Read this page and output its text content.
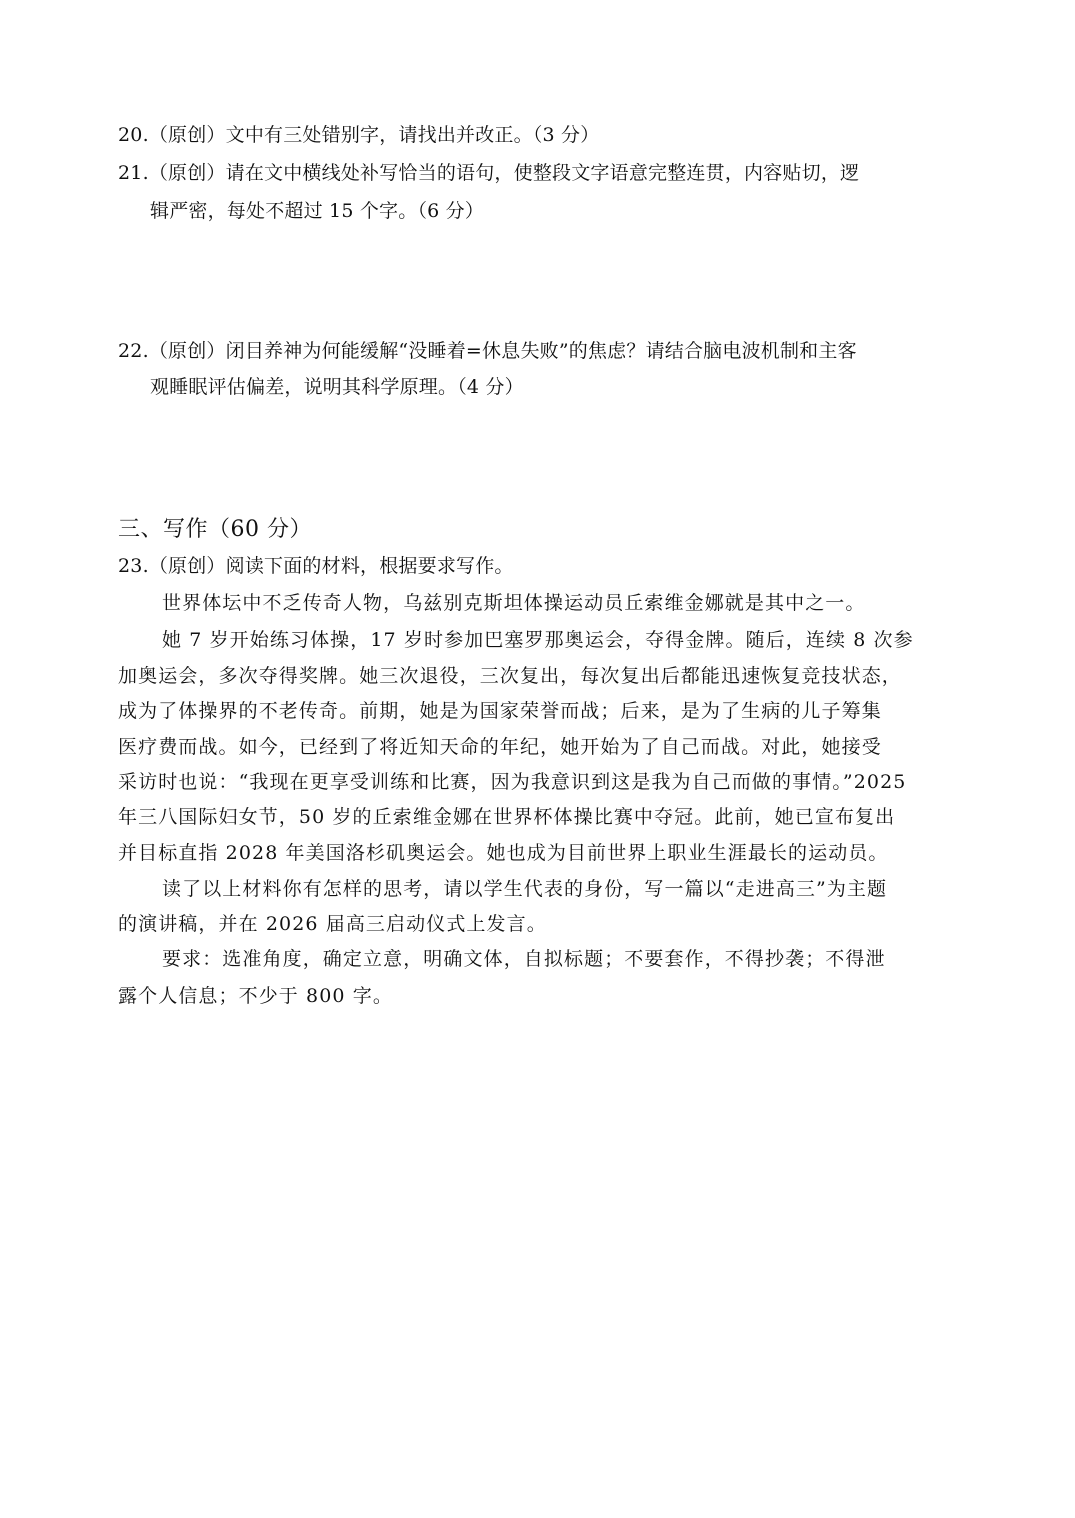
20.（原创）文中有三处错别字，请找出并改正。（3 分）
21.（原创）请在文中横线处补写恰当的语句，使整段文字语意完整连贯，内容贴切，逻
辑严密，每处不超过 15 个字。（6 分）
22.（原创）闭目养神为何能缓解“没睡着=休息失败”的焦虑？请结合脑电波机制和主客
观睡眠评估偏差，说明其科学原理。（4 分）
三、写作（60 分）
23.（原创）阅读下面的材料，根据要求写作。
世界体坛中不乏传奇人物，乌兹别克斯坦体操运动员丘索维金娜就是其中之一。
她 7 岁开始练习体操，17 岁时参加巴塞罗那奥运会，夺得金牌。随后，连续 8 次参
加奥运会，多次夺得奖牌。她三次退役，三次复出，每次复出后都能迅速恢复竞技状态，
成为了体操界的不老传奇。前期，她是为国家荣誉而战；后来，是为了生病的儿子筹集
医疗费而战。如今，已经到了将近知天命的年纪，她开始为了自己而战。对此，她接受
采访时也说：“我现在更享受训练和比赛，因为我意识到这是我为自己而做的事情。”2025
年三八国际妇女节，50 岁的丘索维金娜在世界杯体操比赛中夺冠。此前，她已宣布复出
并目标直指 2028 年美国洛杉矶奥运会。她也成为目前世界上职业生涯最长的运动员。
读了以上材料你有怎样的思考，请以学生代表的身份，写一篇以“走进高三”为主题
的演讲稿，并在 2026 届高三启动仪式上发言。
要求：选准角度，确定立意，明确文体，自拟标题；不要套作，不得抄袭；不得泄
露个人信息；不少于 800 字。
